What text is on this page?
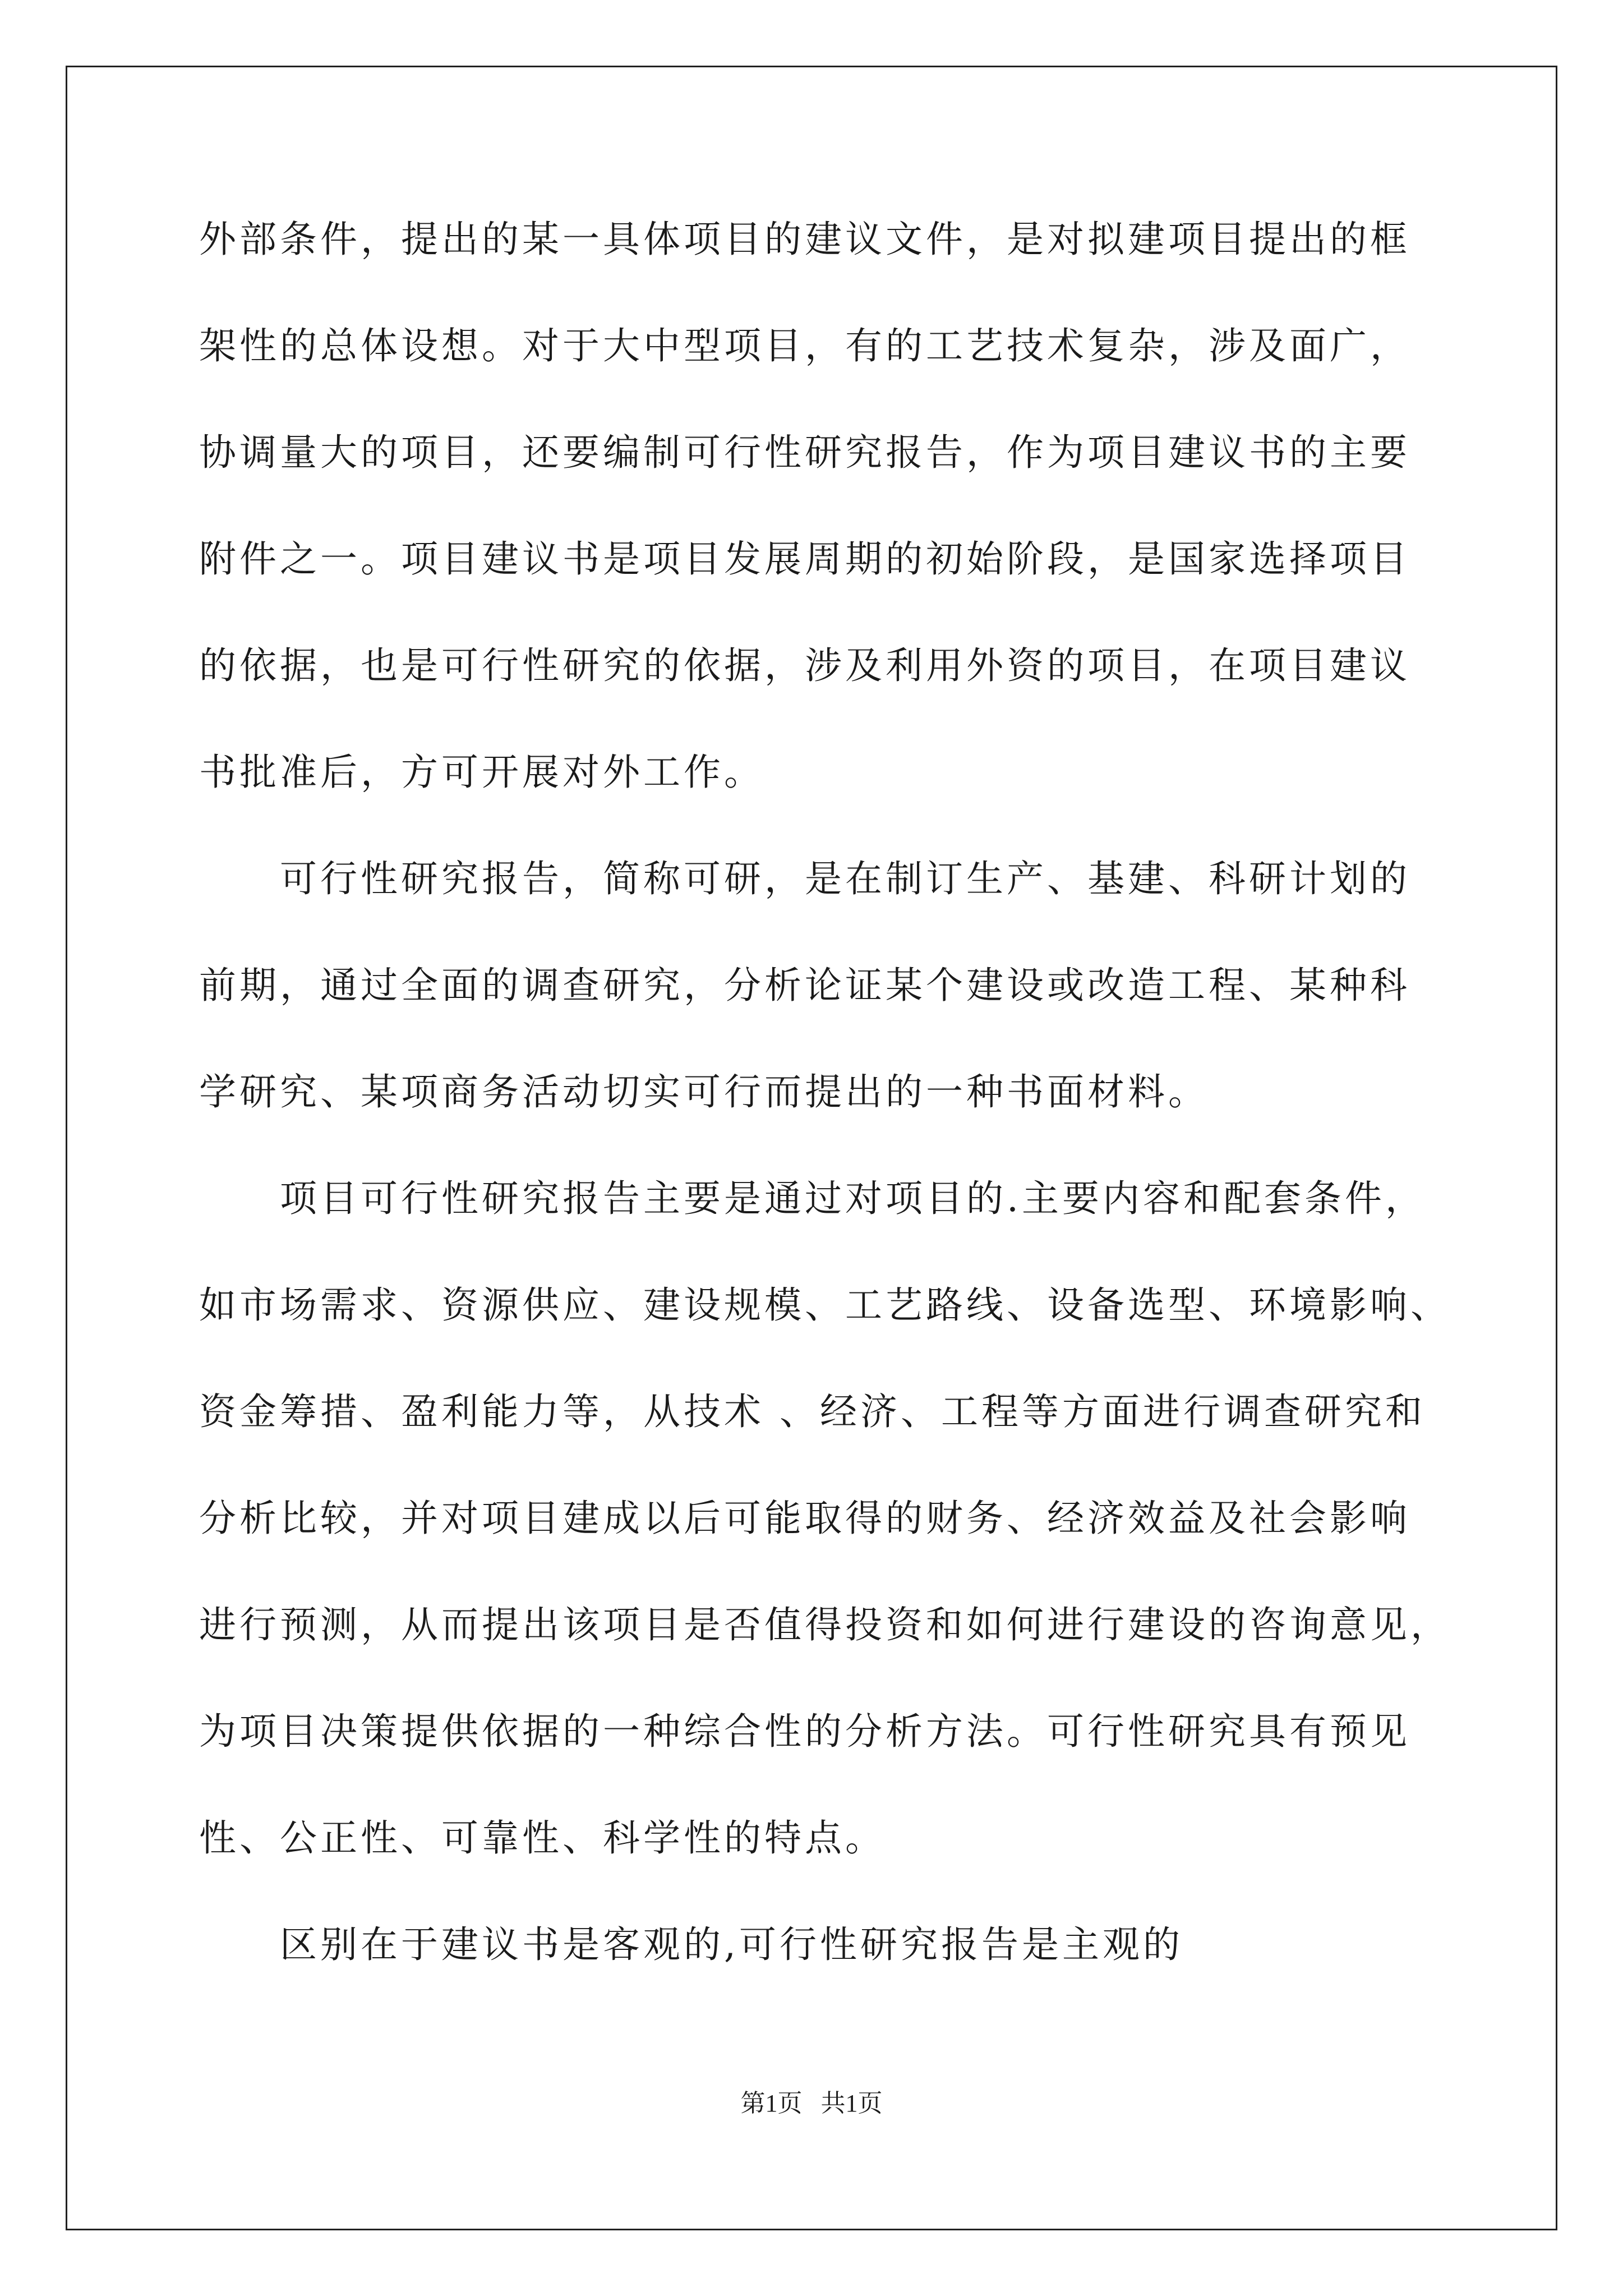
外部条件，提出的某一具体项目的建议文件，是对拟建项目提出的框
架性的总体设想。对于大中型项目，有的工艺技术复杂，涉及面广，
协调量大的项目，还要编制可行性研究报告，作为项目建议书的主要
附件之一。项目建议书是项目发展周期的初始阶段，是国家选择项目
的依据，也是可行性研究的依据，涉及利用外资的项目，在项目建议
书批准后，方可开展对外工作。
可行性研究报告，简称可研，是在制订生产、基建、科研计划的
前期，通过全面的调查研究，分析论证某个建设或改造工程、某种科
学研究、某项商务活动切实可行而提出的一种书面材料。
项目可行性研究报告主要是通过对项目的.主要内容和配套条件，
如市场需求、资源供应、建设规模、工艺路线、设备选型、环境影响、
资金筹措、盈利能力等，从技术 、经济、工程等方面进行调查研究和
分析比较，并对项目建成以后可能取得的财务、经济效益及社会影响
进行预测，从而提出该项目是否值得投资和如何进行建设的咨询意见，
为项目决策提供依据的一种综合性的分析方法。可行性研究具有预见
性、公正性、可靠性、科学性的特点。
区别在于建议书是客观的,可行性研究报告是主观的
第1页   共1页
